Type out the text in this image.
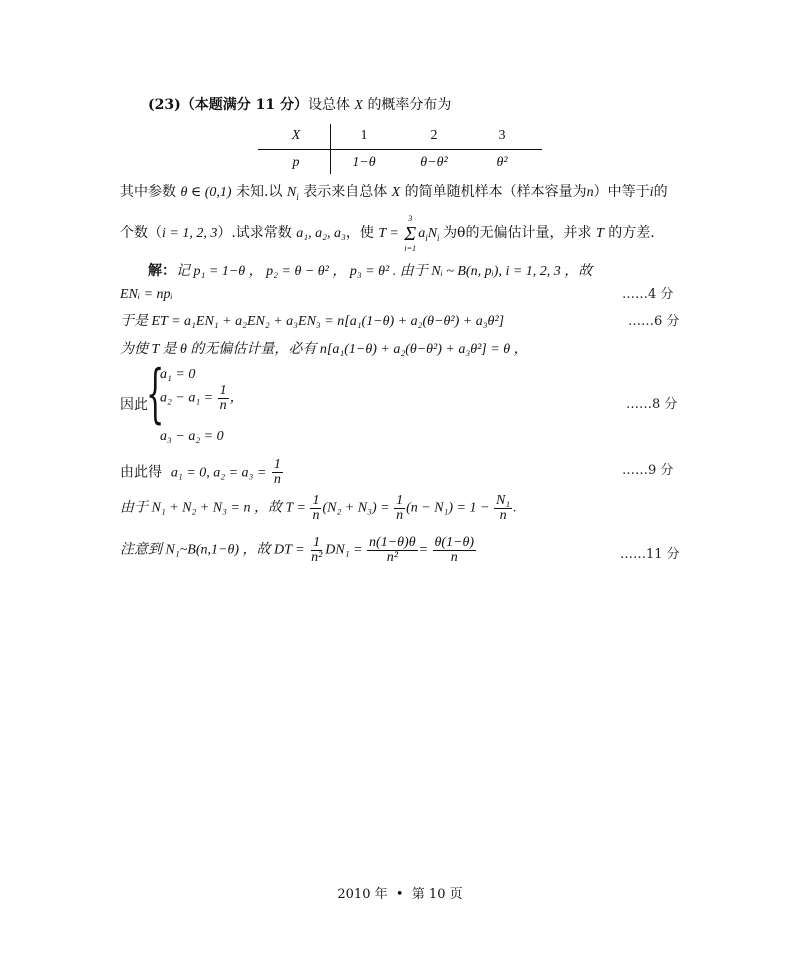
(23)（本题满分 11 分）设总体 X 的概率分布为
X	1	2	3
p	1−θ	θ−θ²	θ²
其中参数 θ ∈ (0,1) 未知.以 $N_i$ 表示来自总体 X 的简单随机样本（样本容量为n）中等于i的
个数（i = 1, 2, 3）.试求常数 a₁, a₂, a₃，使 T =
3
Σ
i=1
$a_iN_i$ 为θ的无偏估计量，并求 T 的方差.
解：记 p₁ = 1−θ ， p₂ = θ − θ² ， p₃ = θ² . 由于 Nᵢ ~ B(n, pᵢ), i = 1, 2, 3 ，故
ENᵢ = npᵢ	……4 分
于是 ET = a₁EN₁ + a₂EN₂ + a₃EN₃ = n[a₁(1−θ) + a₂(θ−θ²) + a₃θ²]	……6 分
为使 T 是 θ 的无偏估计量，必有 n[a₁(1−θ) + a₂(θ−θ²) + a₃θ²] = θ ，
因此
{
a₁ = 0
$a_2 - a_1 = \frac{1}{n}$ ，
a₃ − a₂ = 0
……8 分
由此得 a₁ = 0, $a_2 = a_3 = \frac{1}{n}$	……9 分
由于 N₁ + N₂ + N₃ = n ，故 $T = \frac{1}{n} (N_2 + N_3) = \frac{1}{n} (n - N_1) = 1 - \frac{\text{N₁}}{n}$ .
注意到 N₁~B(n,1−θ) ，故 DT = $\frac{1}{\text{n²}} DN_1 = \frac{n(1-\theta)\theta}{\text{n²}} = \frac{\theta(1-\theta)}{n}$	……11 分
2010 年 • 第 10 页
